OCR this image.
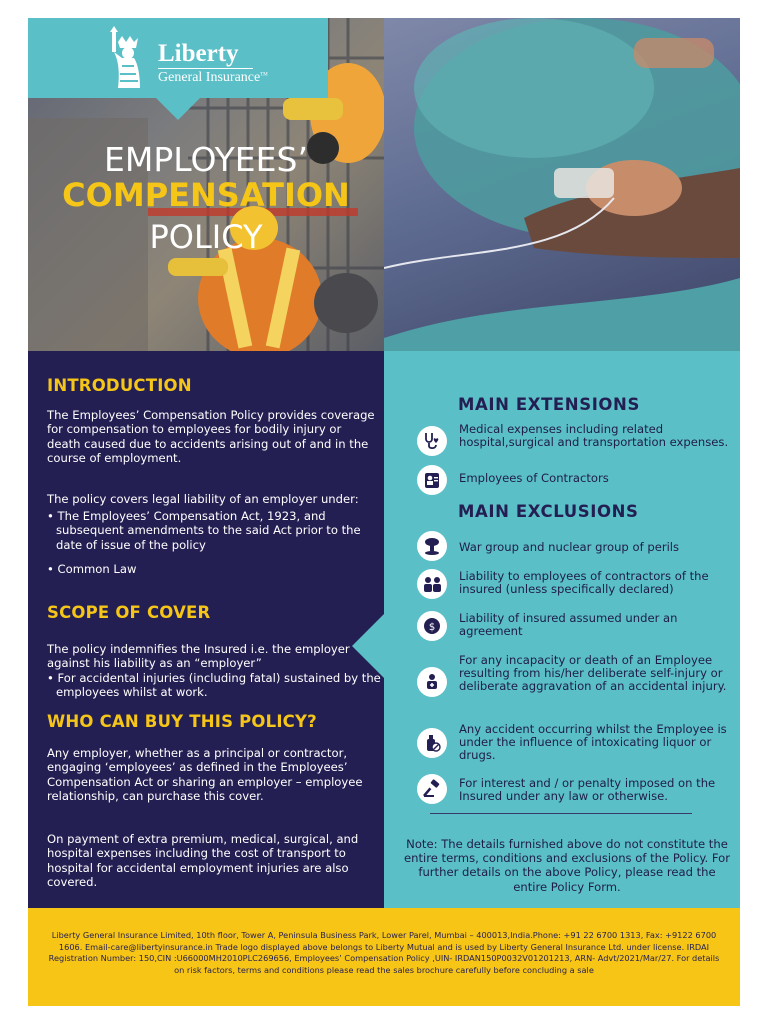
Liberty
General Insurance™
EMPLOYEES’
COMPENSATION
POLICY
INTRODUCTION
The Employees’ Compensation Policy provides coverage for compensation to employees for bodily injury or death caused due to accidents arising out of and in the course of employment.
The policy covers legal liability of an employer under:
• The Employees’ Compensation Act, 1923, and subsequent amendments to the said Act prior to the date of issue of the policy
• Common Law
SCOPE OF COVER
The policy indemnifies the Insured i.e. the employer against his liability as an “employer”
• For accidental injuries (including fatal) sustained by the employees whilst at work.
WHO CAN BUY THIS POLICY?
Any employer, whether as a principal or contractor, engaging ‘employees’ as defined in the Employees’ Compensation Act or sharing an employer – employee relationship, can purchase this cover.
On payment of extra premium, medical, surgical, and hospital expenses including the cost of transport to hospital for accidental employment injuries are also covered.
MAIN EXTENSIONS
Medical expenses including related hospital,surgical and transportation expenses.
Employees of Contractors
MAIN EXCLUSIONS
War group and nuclear group of perils
Liability to employees of contractors of the insured (unless specifically declared)
$
Liability of insured assumed under an agreement
For any incapacity or death of an Employee resulting from his/her deliberate self-injury or deliberate aggravation of an accidental injury.
Any accident occurring whilst the Employee is under the influence of intoxicating liquor or drugs.
For interest and / or penalty imposed on the Insured under any law or otherwise.
Note: The details furnished above do not constitute the entire terms, conditions and exclusions of the Policy. For further details on the above Policy, please read the entire Policy Form.
Liberty General Insurance Limited, 10th floor, Tower A, Peninsula Business Park, Lower Parel, Mumbai – 400013,India.Phone: +91 22 6700 1313, Fax: +9122 6700 1606. Email-care@libertyinsurance.in Trade logo displayed above belongs to Liberty Mutual and is used by Liberty General Insurance Ltd. under license. IRDAI Registration Number: 150,CIN :U66000MH2010PLC269656, Employees’ Compensation Policy ,UIN- IRDAN150P0032V01201213, ARN- Advt/2021/Mar/27. For details on risk factors, terms and conditions please read the sales brochure carefully before concluding a sale
